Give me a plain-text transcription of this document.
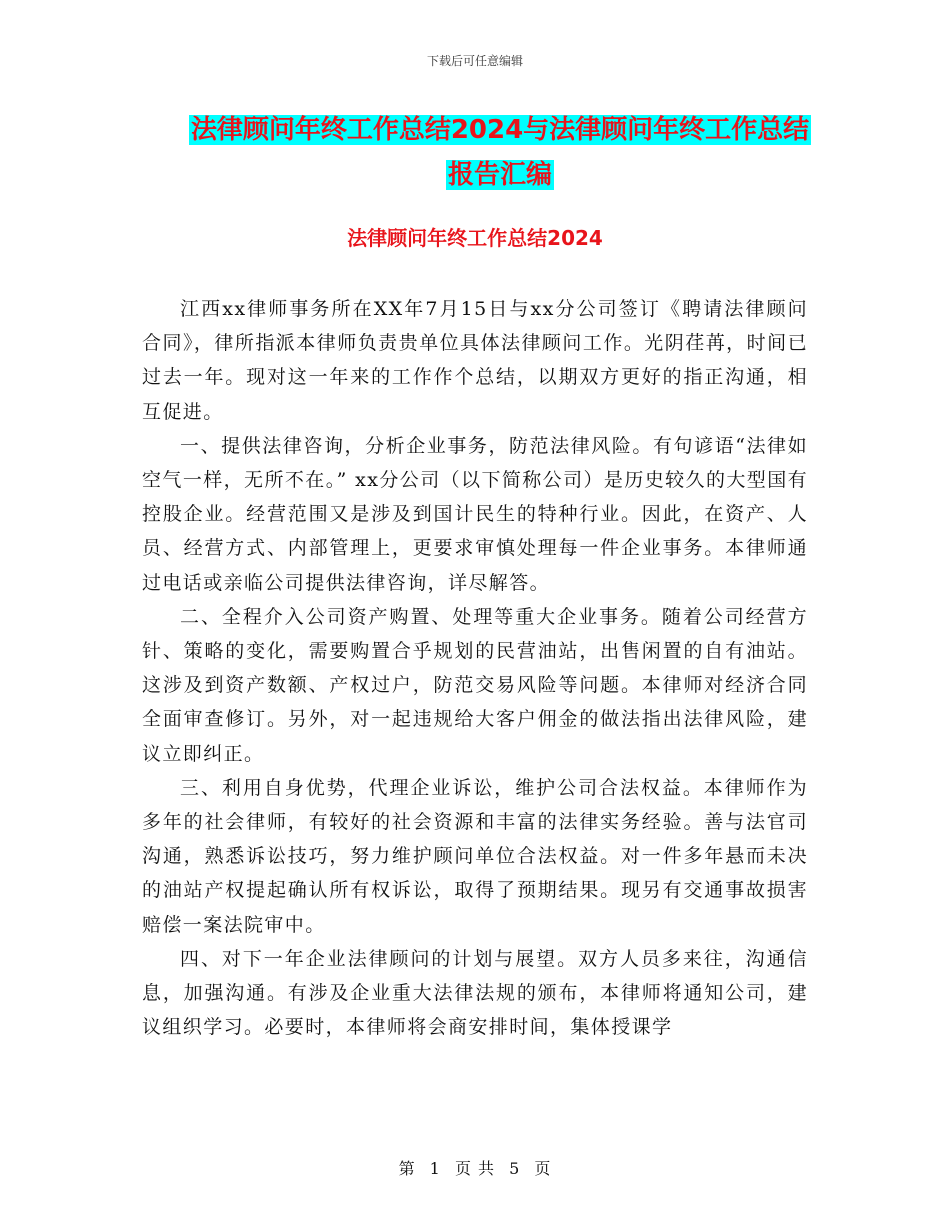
下载后可任意编辑
法律顾问年终工作总结2024与法律顾问年终工作总结
报告汇编
法律顾问年终工作总结2024

江西xx律师事务所在XX年7月15日与xx分公司签订《聘请法律顾问合同》，律所指派本律师负责贵单位具体法律顾问工作。光阴荏苒，时间已过去一年。现对这一年来的工作作个总结，以期双方更好的指正沟通，相互促进。

一、提供法律咨询，分析企业事务，防范法律风险。有句谚语“法律如空气一样，无所不在。” xx分公司（以下简称公司）是历史较久的大型国有控股企业。经营范围又是涉及到国计民生的特种行业。因此，在资产、人员、经营方式、内部管理上，更要求审慎处理每一件企业事务。本律师通过电话或亲临公司提供法律咨询，详尽解答。

二、全程介入公司资产购置、处理等重大企业事务。随着公司经营方针、策略的变化，需要购置合乎规划的民营油站，出售闲置的自有油站。这涉及到资产数额、产权过户，防范交易风险等问题。本律师对经济合同全面审查修订。另外，对一起违规给大客户佣金的做法指出法律风险，建议立即纠正。

三、利用自身优势，代理企业诉讼，维护公司合法权益。本律师作为多年的社会律师，有较好的社会资源和丰富的法律实务经验。善与法官司沟通，熟悉诉讼技巧，努力维护顾问单位合法权益。对一件多年悬而未决的油站产权提起确认所有权诉讼，取得了预期结果。现另有交通事故损害赔偿一案法院审中。

四、对下一年企业法律顾问的计划与展望。双方人员多来往，沟通信息，加强沟通。有涉及企业重大法律法规的颁布，本律师将通知公司，建议组织学习。必要时，本律师将会商安排时间，集体授课学

第 1 页 共 5 页
